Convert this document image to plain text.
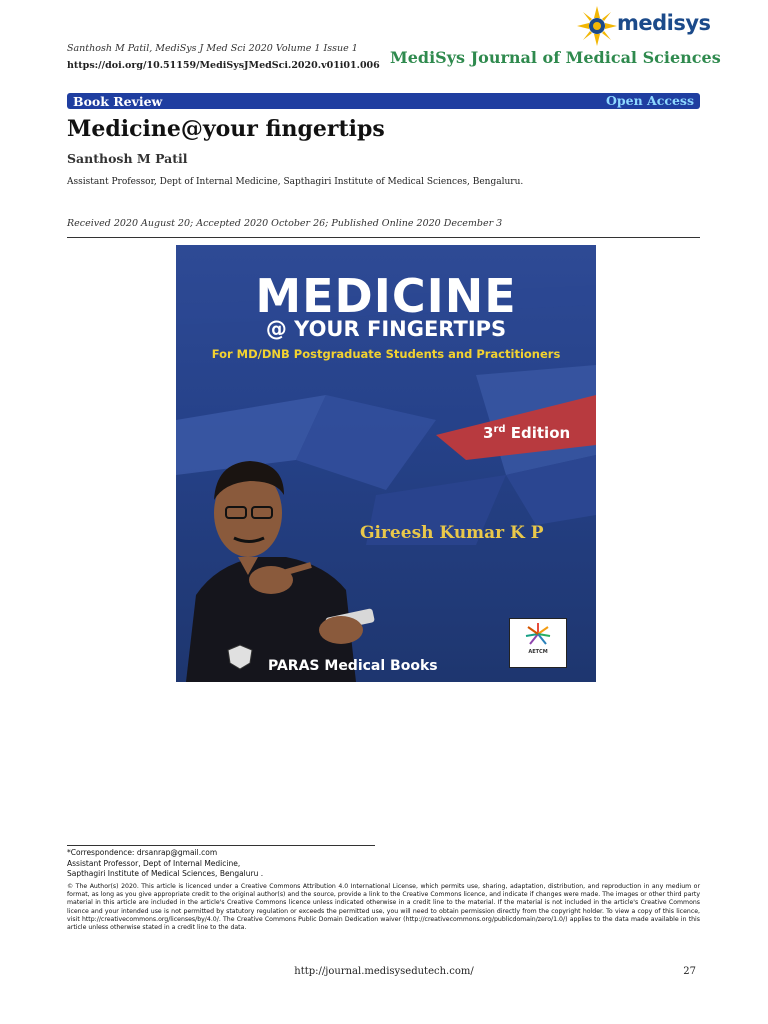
Santhosh M Patil, MediSys J Med Sci 2020 Volume 1 Issue 1
https://doi.org/10.51159/MediSysJMedSci.2020.v01i01.006
medisys
MediSys Journal of Medical Sciences
Book Review	Open Access
Medicine@your fingertips
Santhosh M Patil
Assistant Professor, Dept of Internal Medicine, Sapthagiri Institute of Medical Sciences, Bengaluru.
Received 2020 August 20; Accepted 2020 October 26; Published Online 2020 December 3
MEDICINE
@ YOUR FINGERTIPS
For MD/DNB Postgraduate Students and Practitioners
3rd Edition
Gireesh Kumar K P
AETCM
PARAS Medical Books
*Correspondence: drsanrap@gmail.com
Assistant Professor, Dept of Internal Medicine,
Sapthagiri Institute of Medical Sciences, Bengaluru .
© The Author(s) 2020. This article is licenced under a Creative Commons Attribution 4.0 International License, which permits use, sharing, adaptation, distribution, and reproduction in any medium or format, as long as you give appropriate credit to the original author(s) and the source, provide a link to the Creative Commons licence, and indicate if changes were made. The images or other third party material in this article are included in the article's Creative Commons licence unless indicated otherwise in a credit line to the material. If the material is not included in the article's Creative Commons licence and your intended use is not permitted by statutory regulation or exceeds the permitted use, you will need to obtain permission directly from the copyright holder. To view a copy of this licence, visit http://creativecommons.org/licenses/by/4.0/. The Creative Commons Public Domain Dedication waiver (http://creativecommons.org/publicdomain/zero/1.0/) applies to the data made available in this article unless otherwise stated in a credit line to the data.
http://journal.medisysedutech.com/	27
